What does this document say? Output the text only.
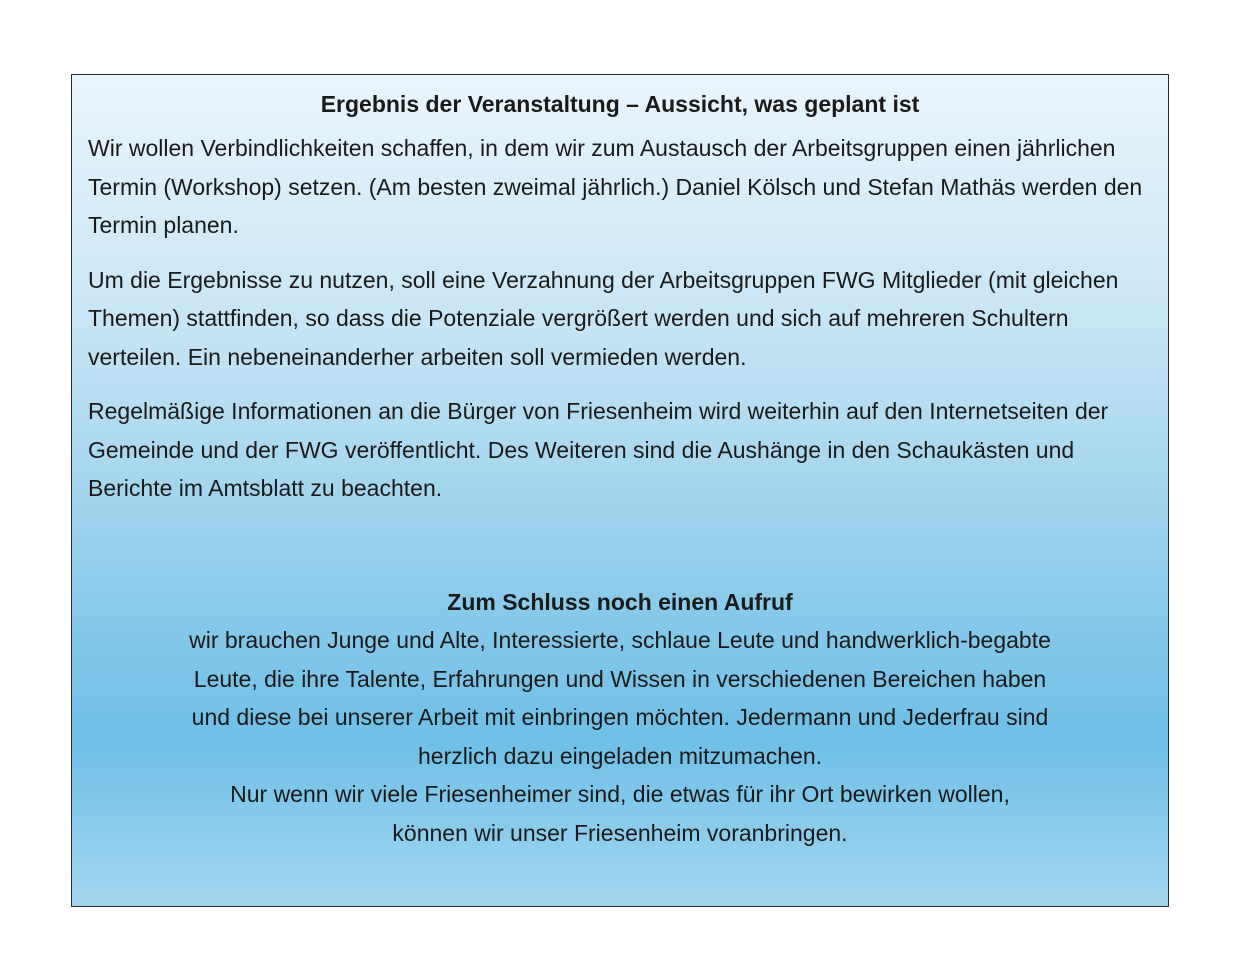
Ergebnis der Veranstaltung – Aussicht, was geplant ist

Wir wollen Verbindlichkeiten schaffen, in dem wir zum Austausch der Arbeitsgruppen einen jährlichen Termin (Workshop) setzen. (Am besten zweimal jährlich.) Daniel Kölsch und Stefan Mathäs werden den Termin planen.

Um die Ergebnisse zu nutzen, soll eine Verzahnung der Arbeitsgruppen FWG Mitglieder (mit gleichen Themen) stattfinden, so dass die Potenziale vergrößert werden und sich auf mehreren Schultern verteilen. Ein nebeneinanderher arbeiten soll vermieden werden.

Regelmäßige Informationen an die Bürger von Friesenheim wird weiterhin auf den Internetseiten der Gemeinde und der FWG veröffentlicht. Des Weiteren sind die Aushänge in den Schaukästen und Berichte im Amtsblatt zu beachten.

Zum Schluss noch einen Aufruf
wir brauchen Junge und Alte, Interessierte, schlaue Leute und handwerklich-begabte
Leute, die ihre Talente, Erfahrungen und Wissen in verschiedenen Bereichen haben
und diese bei unserer Arbeit mit einbringen möchten. Jedermann und Jederfrau sind
herzlich dazu eingeladen mitzumachen.
Nur wenn wir viele Friesenheimer sind, die etwas für ihr Ort bewirken wollen,
können wir unser Friesenheim voranbringen.
